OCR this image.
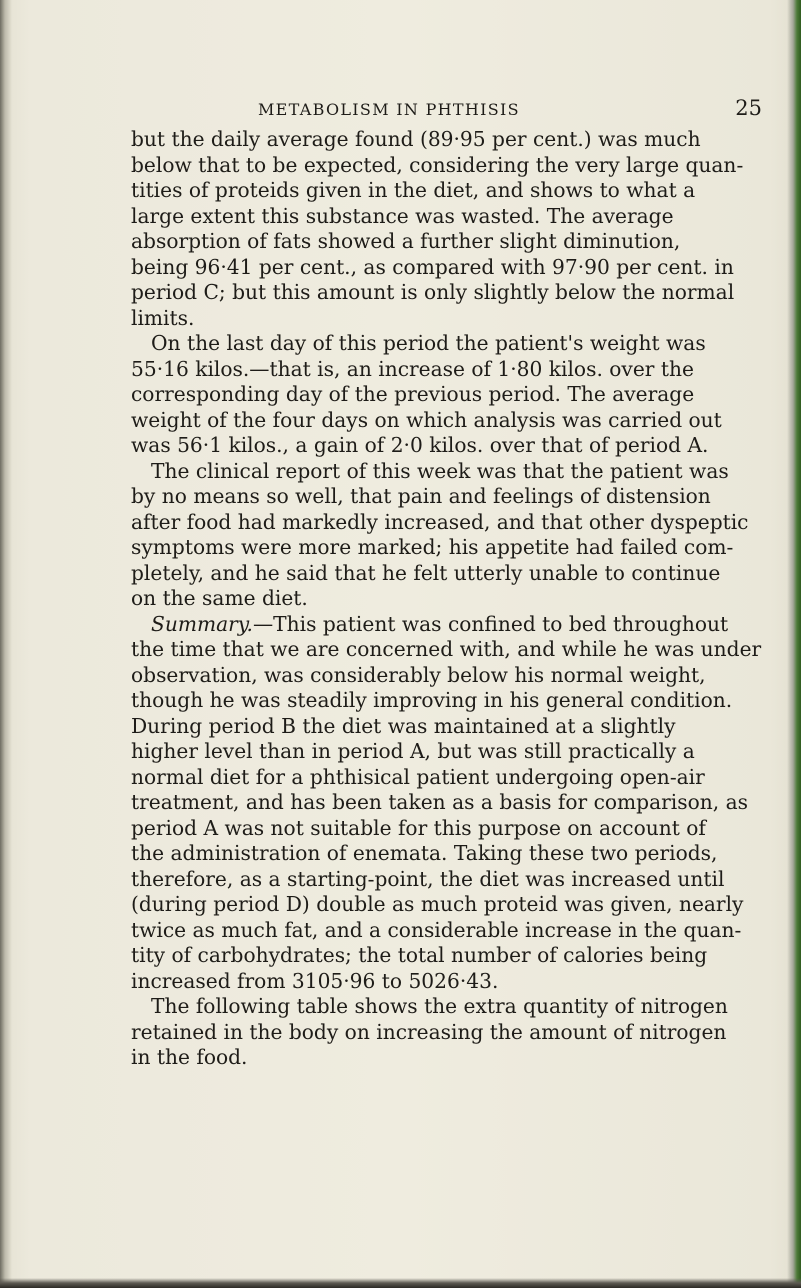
METABOLISM IN PHTHISIS	25

but the daily average found (89·95 per cent.) was much
below that to be expected, considering the very large quan-
tities of proteids given in the diet, and shows to what a
large extent this substance was wasted. The average
absorption of fats showed a further slight diminution,
being 96·41 per cent., as compared with 97·90 per cent. in
period C; but this amount is only slightly below the normal
limits.

On the last day of this period the patient's weight was
55·16 kilos.—that is, an increase of 1·80 kilos. over the
corresponding day of the previous period. The average
weight of the four days on which analysis was carried out
was 56·1 kilos., a gain of 2·0 kilos. over that of period A.

The clinical report of this week was that the patient was
by no means so well, that pain and feelings of distension
after food had markedly increased, and that other dyspeptic
symptoms were more marked; his appetite had failed com-
pletely, and he said that he felt utterly unable to continue
on the same diet.

Summary.—This patient was confined to bed throughout
the time that we are concerned with, and while he was under
observation, was considerably below his normal weight,
though he was steadily improving in his general condition.
During period B the diet was maintained at a slightly
higher level than in period A, but was still practically a
normal diet for a phthisical patient undergoing open-air
treatment, and has been taken as a basis for comparison, as
period A was not suitable for this purpose on account of
the administration of enemata. Taking these two periods,
therefore, as a starting-point, the diet was increased until
(during period D) double as much proteid was given, nearly
twice as much fat, and a considerable increase in the quan-
tity of carbohydrates; the total number of calories being
increased from 3105·96 to 5026·43.

The following table shows the extra quantity of nitrogen
retained in the body on increasing the amount of nitrogen
in the food.
